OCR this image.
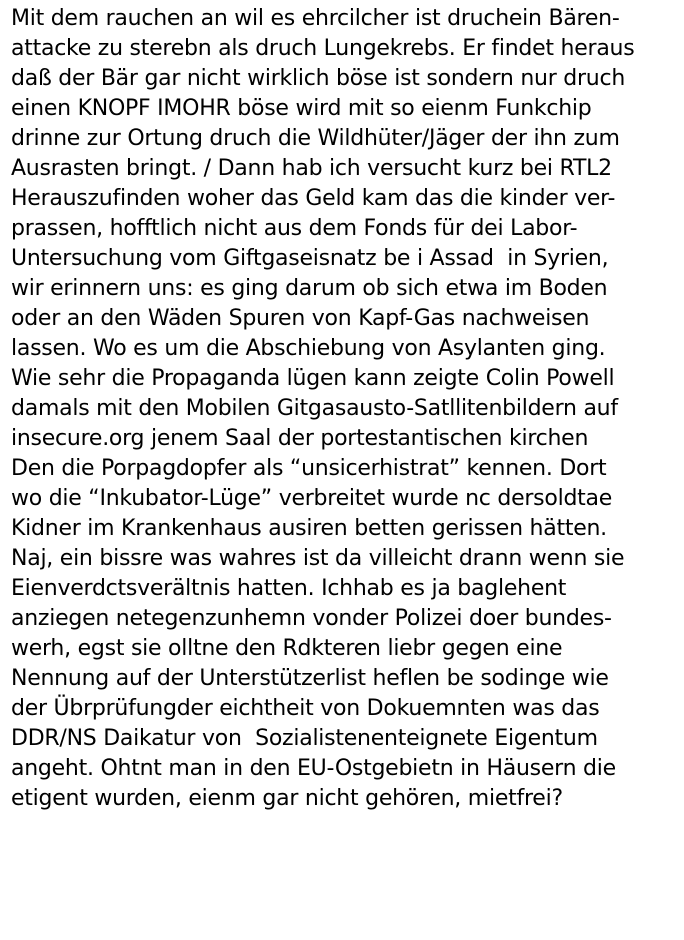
Mit dem rauchen an wil es ehrcilcher ist druchein Bären-
attacke zu sterebn als druch Lungekrebs. Er findet heraus
daß der Bär gar nicht wirklich böse ist sondern nur druch
einen KNOPF IMOHR böse wird mit so eienm Funkchip
drinne zur Ortung druch die Wildhüter/Jäger der ihn zum
Ausrasten bringt. / Dann hab ich versucht kurz bei RTL2
Herauszufinden woher das Geld kam das die kinder ver-
prassen, hofftlich nicht aus dem Fonds für dei Labor-
Untersuchung vom Giftgaseisnatz be i Assad  in Syrien,
wir erinnern uns: es ging darum ob sich etwa im Boden
oder an den Wäden Spuren von Kapf-Gas nachweisen
lassen. Wo es um die Abschiebung von Asylanten ging.
Wie sehr die Propaganda lügen kann zeigte Colin Powell
damals mit den Mobilen Gitgasausto-Satllitenbildern auf
insecure.org jenem Saal der portestantischen kirchen
Den die Porpagdopfer als “unsicerhistrat” kennen. Dort
wo die “Inkubator-Lüge” verbreitet wurde nc dersoldtae
Kidner im Krankenhaus ausiren betten gerissen hätten.
Naj, ein bissre was wahres ist da villeicht drann wenn sie
Eienverdctsverältnis hatten. Ichhab es ja baglehent
anziegen netegenzunhemn vonder Polizei doer bundes-
werh, egst sie olltne den Rdkteren liebr gegen eine
Nennung auf der Unterstützerlist heflen be sodinge wie
der Übrprüfungder eichtheit von Dokuemnten was das
DDR/NS Daikatur von  Sozialistenenteignete Eigentum
angeht. Ohtnt man in den EU-Ostgebietn in Häusern die
etigent wurden, eienm gar nicht gehören, mietfrei?
